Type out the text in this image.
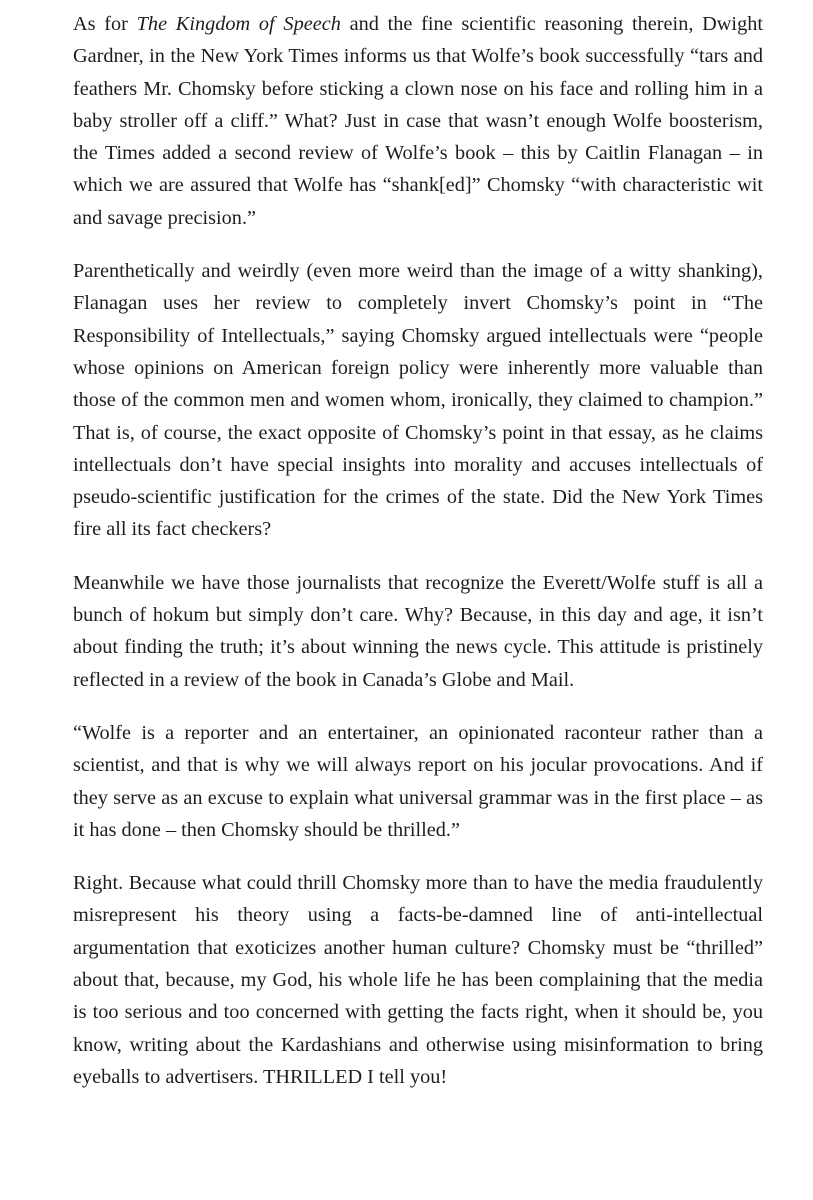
As for The Kingdom of Speech and the fine scientific reasoning therein, Dwight Gardner, in the New York Times informs us that Wolfe’s book successfully “tars and feathers Mr. Chomsky before sticking a clown nose on his face and rolling him in a baby stroller off a cliff.” What? Just in case that wasn’t enough Wolfe boosterism, the Times added a second review of Wolfe’s book – this by Caitlin Flanagan – in which we are assured that Wolfe has “shank[ed]” Chomsky “with characteristic wit and savage precision.”

Parenthetically and weirdly (even more weird than the image of a witty shanking), Flanagan uses her review to completely invert Chomsky’s point in “The Responsibility of Intellectuals,” saying Chomsky argued intellectuals were “people whose opinions on American foreign policy were inherently more valuable than those of the common men and women whom, ironically, they claimed to champion.” That is, of course, the exact opposite of Chomsky’s point in that essay, as he claims intellectuals don’t have special insights into morality and accuses intellectuals of pseudo-scientific justification for the crimes of the state. Did the New York Times fire all its fact checkers?

Meanwhile we have those journalists that recognize the Everett/Wolfe stuff is all a bunch of hokum but simply don’t care. Why? Because, in this day and age, it isn’t about finding the truth; it’s about winning the news cycle. This attitude is pristinely reflected in a review of the book in Canada’s Globe and Mail.

“Wolfe is a reporter and an entertainer, an opinionated raconteur rather than a scientist, and that is why we will always report on his jocular provocations. And if they serve as an excuse to explain what universal grammar was in the first place – as it has done – then Chomsky should be thrilled.”

Right. Because what could thrill Chomsky more than to have the media fraudulently misrepresent his theory using a facts-be-damned line of anti-intellectual argumentation that exoticizes another human culture? Chomsky must be “thrilled” about that, because, my God, his whole life he has been complaining that the media is too serious and too concerned with getting the facts right, when it should be, you know, writing about the Kardashians and otherwise using misinformation to bring eyeballs to advertisers. THRILLED I tell you!
